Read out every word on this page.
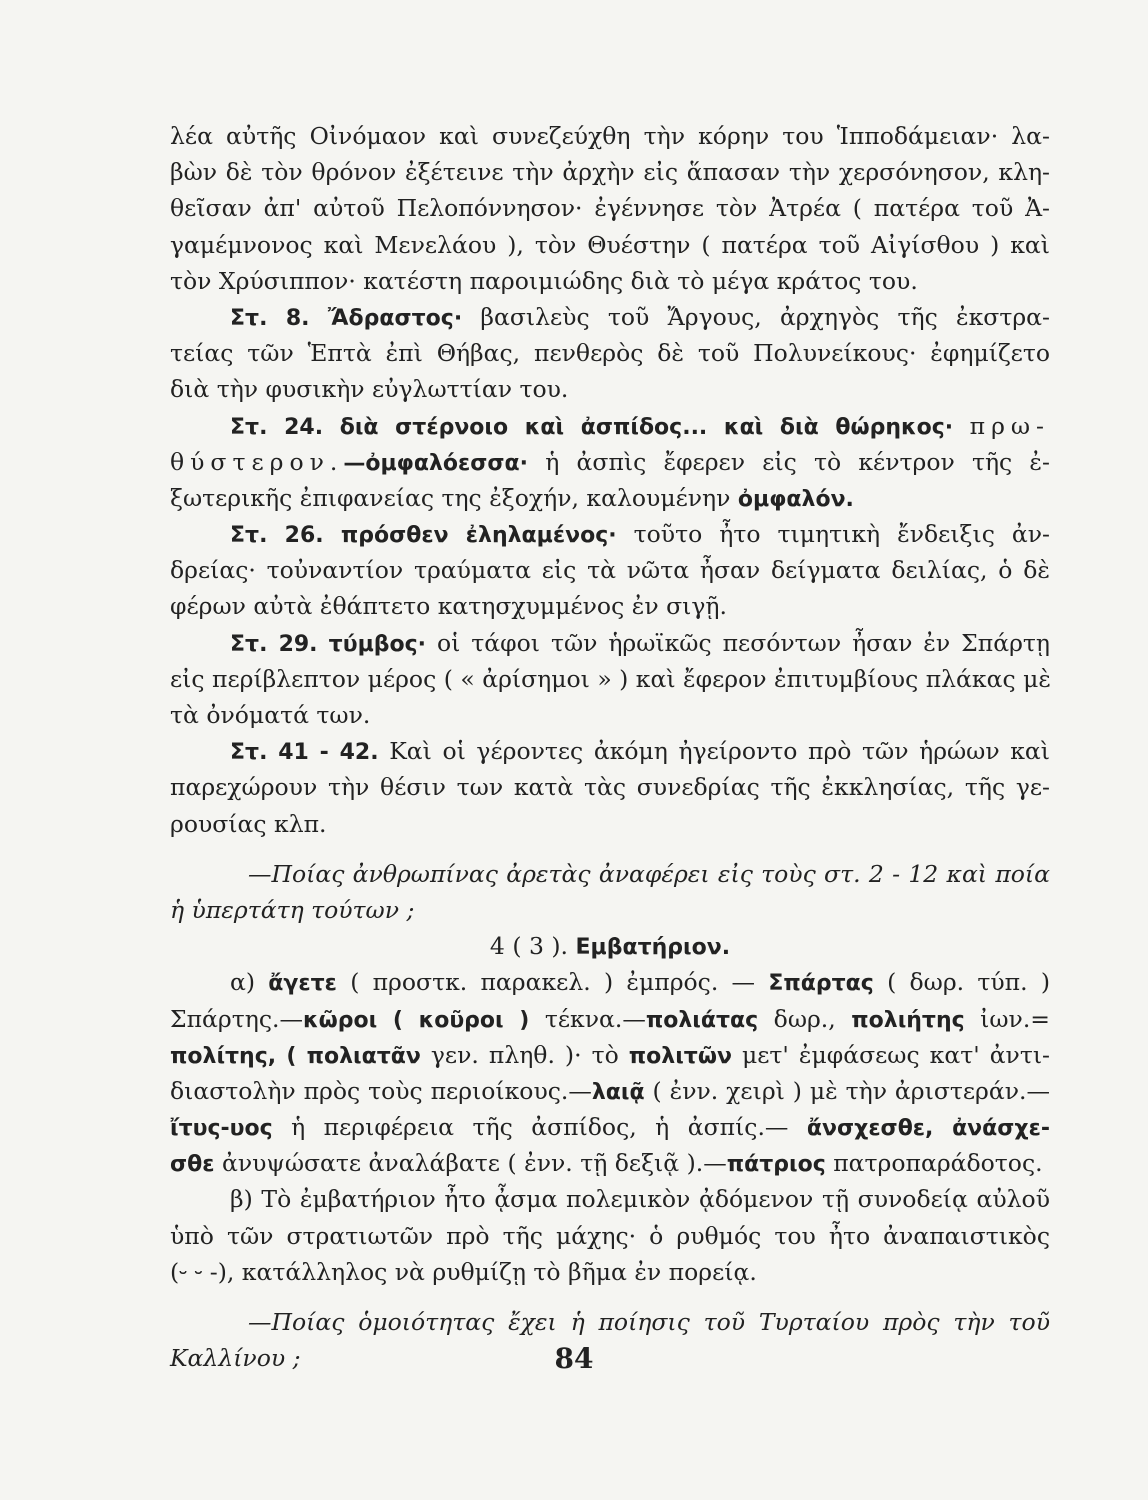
λέα αὐτῆς Οἰνόμαον καὶ συνεζεύχθη τὴν κόρην του Ἱπποδάμειαν· λα-
βὼν δὲ τὸν θρόνον ἐξέτεινε τὴν ἀρχὴν εἰς ἅπασαν τὴν χερσόνησον, κλη-
θεῖσαν ἀπ' αὐτοῦ Πελοπόννησον· ἐγέννησε τὸν Ἀτρέα ( πατέρα τοῦ Ἀ-
γαμέμνονος καὶ Μενελάου ), τὸν Θυέστην ( πατέρα τοῦ Αἰγίσθου ) καὶ
τὸν Χρύσιππον· κατέστη παροιμιώδης διὰ τὸ μέγα κράτος του.
Στ. 8. Ἄδραστος· βασιλεὺς τοῦ Ἄργους, ἀρχηγὸς τῆς ἐκστρα-
τείας τῶν Ἑπτὰ ἐπὶ Θήβας, πενθερὸς δὲ τοῦ Πολυνείκους· ἐφημίζετο
διὰ τὴν φυσικὴν εὐγλωττίαν του.
Στ. 24. διὰ στέρνοιο καὶ ἀσπίδος... καὶ διὰ θώρηκος· πρω-
θύστερον.—ὀμφαλόεσσα· ἡ ἀσπὶς ἔφερεν εἰς τὸ κέντρον τῆς ἐ-
ξωτερικῆς ἐπιφανείας της ἐξοχήν, καλουμένην ὀμφαλόν.
Στ. 26. πρόσθεν ἐληλαμένος· τοῦτο ἦτο τιμητικὴ ἔνδειξις ἀν-
δρείας· τοὐναντίον τραύματα εἰς τὰ νῶτα ἦσαν δείγματα δειλίας, ὁ δὲ
φέρων αὐτὰ ἐθάπτετο κατησχυμμένος ἐν σιγῇ.
Στ. 29. τύμβος· οἱ τάφοι τῶν ἡρωϊκῶς πεσόντων ἦσαν ἐν Σπάρτῃ
εἰς περίβλεπτον μέρος ( « ἀρίσημοι » ) καὶ ἔφερον ἐπιτυμβίους πλάκας μὲ
τὰ ὀνόματά των.
Στ. 41 - 42. Καὶ οἱ γέροντες ἀκόμη ἠγείροντο πρὸ τῶν ἡρώων καὶ
παρεχώρουν τὴν θέσιν των κατὰ τὰς συνεδρίας τῆς ἐκκλησίας, τῆς γε-
ρουσίας κλπ.
—Ποίας ἀνθρωπίνας ἀρετὰς ἀναφέρει εἰς τοὺς στ. 2 - 12 καὶ ποία
ἡ ὑπερτάτη τούτων ;
4 ( 3 ). Εμβατήριον.
α) ἄγετε ( προστκ. παρακελ. ) ἐμπρός. — Σπάρτας ( δωρ. τύπ. )
Σπάρτης.—κῶροι ( κοῦροι ) τέκνα.—πολιάτας δωρ., πολιήτης ἰων.=
πολίτης, ( πολιατᾶν γεν. πληθ. )· τὸ πολιτῶν μετ' ἐμφάσεως κατ' ἀντι-
διαστολὴν πρὸς τοὺς περιοίκους.—λαιᾷ ( ἐνν. χειρὶ ) μὲ τὴν ἀριστεράν.—
ἴτυς-υος ἡ περιφέρεια τῆς ἀσπίδος, ἡ ἀσπίς.— ἄνσχεσθε, ἀνάσχε-
σθε ἀνυψώσατε ἀναλάβατε ( ἐνν. τῇ δεξιᾷ ).—πάτριος πατροπαράδοτος.
β) Τὸ ἐμβατήριον ἦτο ᾆσμα πολεμικὸν ᾀδόμενον τῇ συνοδείᾳ αὐλοῦ
ὑπὸ τῶν στρατιωτῶν πρὸ τῆς μάχης· ὁ ρυθμός του ἦτο ἀναπαιστικὸς
(⏑ ⏑ -), κατάλληλος νὰ ρυθμίζῃ τὸ βῆμα ἐν πορείᾳ.
—Ποίας ὁμοιότητας ἔχει ἡ ποίησις τοῦ Τυρταίου πρὸς τὴν τοῦ
Καλλίνου ;	84
